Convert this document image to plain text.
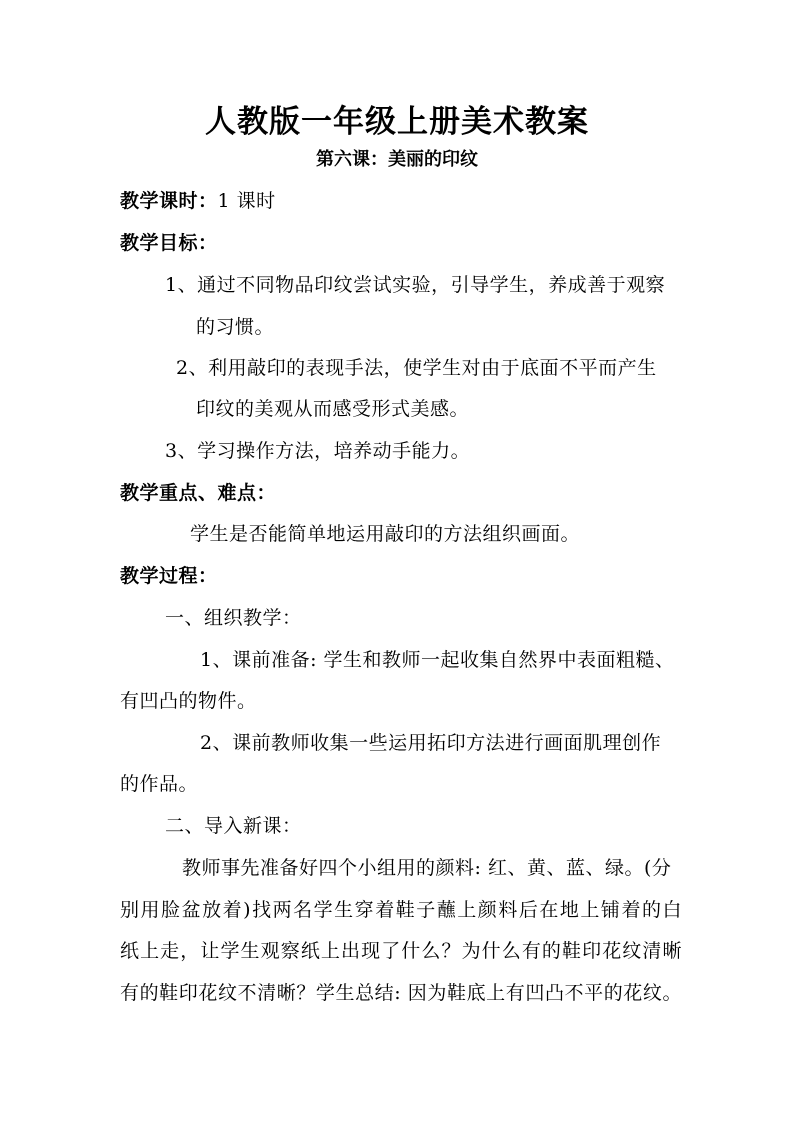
人教版一年级上册美术教案
第六课：美丽的印纹
教学课时：1 课时
教学目标：
1、通过不同物品印纹尝试实验，引导学生，养成善于观察
的习惯。
2、利用敲印的表现手法，使学生对由于底面不平而产生
印纹的美观从而感受形式美感。
3、学习操作方法，培养动手能力。
教学重点、难点：
学生是否能简单地运用敲印的方法组织画面。
教学过程：
一、组织教学：
1、课前准备: 学生和教师一起收集自然界中表面粗糙、
有凹凸的物件。
2、课前教师收集一些运用拓印方法进行画面肌理创作
的作品。
二、导入新课：
教师事先准备好四个小组用的颜料: 红、黄、蓝、绿。(分
别用脸盆放着)找两名学生穿着鞋子蘸上颜料后在地上铺着的白
纸上走，让学生观察纸上出现了什么？为什么有的鞋印花纹清晰
有的鞋印花纹不清晰？学生总结: 因为鞋底上有凹凸不平的花纹。
